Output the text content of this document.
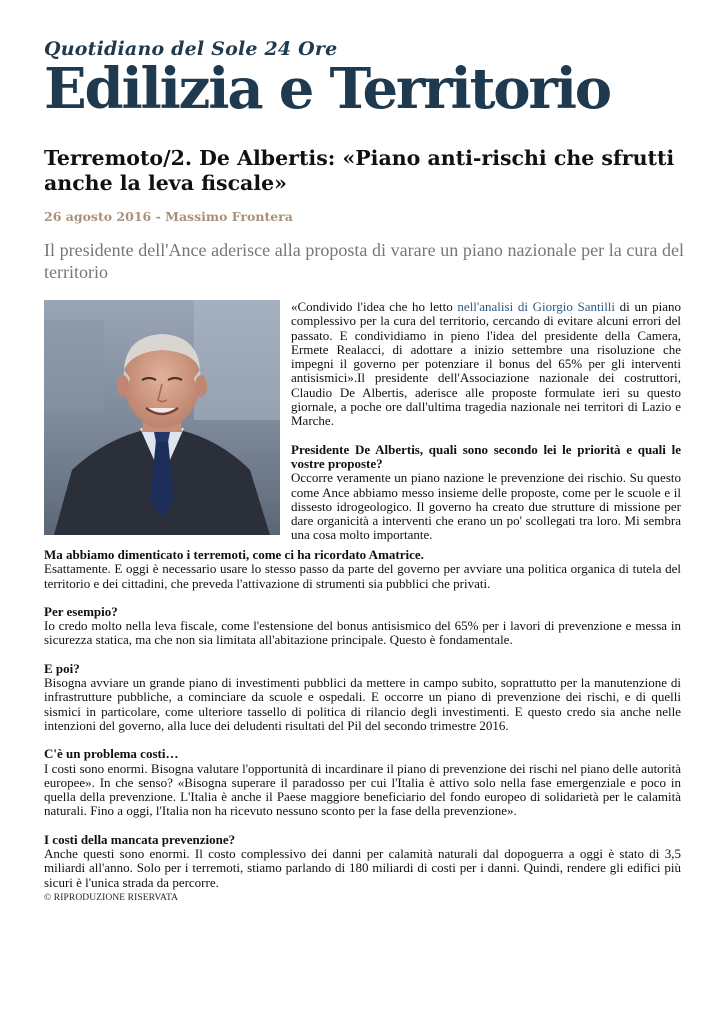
Quotidiano del Sole 24 Ore
Edilizia e Territorio
Terremoto/2. De Albertis: «Piano anti-rischi che sfrutti anche la leva fiscale»
26 agosto 2016 - Massimo Frontera

Il presidente dell'Ance aderisce alla proposta di varare un piano nazionale per la cura del territorio

«Condivido l'idea che ho letto nell'analisi di Giorgio Santilli di un piano complessivo per la cura del territorio, cercando di evitare alcuni errori del passato. E condividiamo in pieno l'idea del presidente della Camera, Ermete Realacci, di adottare a inizio settembre una risoluzione che impegni il governo per potenziare il bonus del 65% per gli interventi antisismici».Il presidente dell'Associazione nazionale dei costruttori, Claudio De Albertis, aderisce alle proposte formulate ieri su questo giornale, a poche ore dall'ultima tragedia nazionale nei territori di Lazio e Marche.

Presidente De Albertis, quali sono secondo lei le priorità e quali le vostre proposte?

Occorre veramente un piano nazione le prevenzione dei rischio. Su questo come Ance abbiamo messo insieme delle proposte, come per le scuole e il dissesto idrogeologico. Il governo ha creato due strutture di missione per dare organicità a interventi che erano un po' scollegati tra loro. Mi sembra una cosa molto importante.

Ma abbiamo dimenticato i terremoti, come ci ha ricordato Amatrice.

Esattamente. E oggi è necessario usare lo stesso passo da parte del governo per avviare una politica organica di tutela del territorio e dei cittadini, che preveda l'attivazione di strumenti sia pubblici che privati.

Per esempio?

Io credo molto nella leva fiscale, come l'estensione del bonus antisismico del 65% per i lavori di prevenzione e messa in sicurezza statica, ma che non sia limitata all'abitazione principale. Questo è fondamentale.

E poi?

Bisogna avviare un grande piano di investimenti pubblici da mettere in campo subito, soprattutto per la manutenzione di infrastrutture pubbliche, a cominciare da scuole e ospedali. E occorre un piano di prevenzione dei rischi, e di quelli sismici in particolare, come ulteriore tassello di politica di rilancio degli investimenti. E questo credo sia anche nelle intenzioni del governo, alla luce dei deludenti risultati del Pil del secondo trimestre 2016.

C'è un problema costi…

I costi sono enormi. Bisogna valutare l'opportunità di incardinare il piano di prevenzione dei rischi nel piano delle autorità europee». In che senso? «Bisogna superare il paradosso per cui l'Italia è attivo solo nella fase emergenziale e poco in quella della prevenzione. L'Italia è anche il Paese maggiore beneficiario del fondo europeo di solidarietà per le calamità naturali. Fino a oggi, l'Italia non ha ricevuto nessuno sconto per la fase della prevenzione».

I costi della mancata prevenzione?

Anche questi sono enormi. Il costo complessivo dei danni per calamità naturali dal dopoguerra a oggi è stato di 3,5 miliardi all'anno. Solo per i terremoti, stiamo parlando di 180 miliardi di costi per i danni. Quindi, rendere gli edifici più sicuri è l'unica strada da percorre.

© RIPRODUZIONE RISERVATA
